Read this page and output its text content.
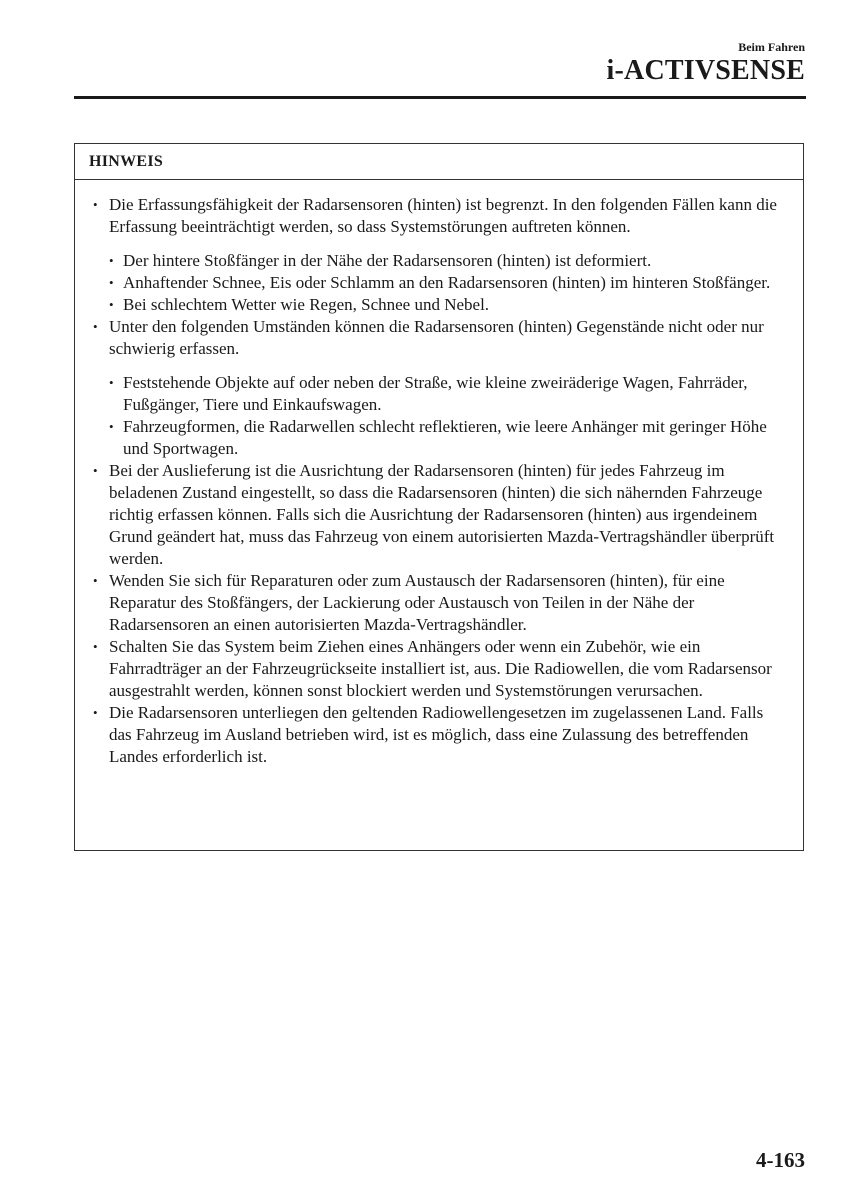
Beim Fahren
i-ACTIVSENSE
HINWEIS
• Die Erfassungsfähigkeit der Radarsensoren (hinten) ist begrenzt. In den folgenden Fällen kann die Erfassung beeinträchtigt werden, so dass Systemstörungen auftreten können.
• Der hintere Stoßfänger in der Nähe der Radarsensoren (hinten) ist deformiert.
• Anhaftender Schnee, Eis oder Schlamm an den Radarsensoren (hinten) im hinteren Stoßfänger.
• Bei schlechtem Wetter wie Regen, Schnee und Nebel.
• Unter den folgenden Umständen können die Radarsensoren (hinten) Gegenstände nicht oder nur schwierig erfassen.
• Feststehende Objekte auf oder neben der Straße, wie kleine zweiräderige Wagen, Fahrräder, Fußgänger, Tiere und Einkaufswagen.
• Fahrzeugformen, die Radarwellen schlecht reflektieren, wie leere Anhänger mit geringer Höhe und Sportwagen.
• Bei der Auslieferung ist die Ausrichtung der Radarsensoren (hinten) für jedes Fahrzeug im beladenen Zustand eingestellt, so dass die Radarsensoren (hinten) die sich nähernden Fahrzeuge richtig erfassen können. Falls sich die Ausrichtung der Radarsensoren (hinten) aus irgendeinem Grund geändert hat, muss das Fahrzeug von einem autorisierten Mazda-Vertragshändler überprüft werden.
• Wenden Sie sich für Reparaturen oder zum Austausch der Radarsensoren (hinten), für eine Reparatur des Stoßfängers, der Lackierung oder Austausch von Teilen in der Nähe der Radarsensoren an einen autorisierten Mazda-Vertragshändler.
• Schalten Sie das System beim Ziehen eines Anhängers oder wenn ein Zubehör, wie ein Fahrradträger an der Fahrzeugrückseite installiert ist, aus. Die Radiowellen, die vom Radarsensor ausgestrahlt werden, können sonst blockiert werden und Systemstörungen verursachen.
• Die Radarsensoren unterliegen den geltenden Radiowellengesetzen im zugelassenen Land. Falls das Fahrzeug im Ausland betrieben wird, ist es möglich, dass eine Zulassung des betreffenden Landes erforderlich ist.
4-163
